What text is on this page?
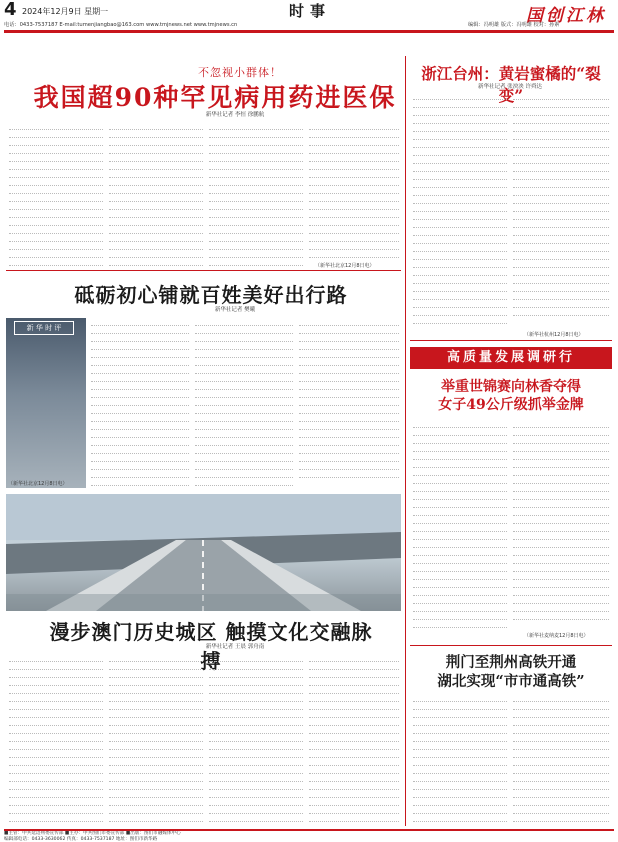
4 2024年12月9日 星期一	时事	国创江林
电话：0433-7537187 E-mail:tumenjiangbao@163.com www.tmjnews.net www.tmjnews.cn	编辑：冯明雄 版式：冯明雄 校对：孙素
不忽视小群体！
我国超90种罕见病用药进医保
新华社记者 李恒 徐鹏航
（新华社北京12月8日电）
砥砺初心铺就百姓美好出行路
新华社记者 樊曦
新 华 时 评
（新华社北京12月8日电）
漫步澳门历史城区 触摸文化交融脉搏
新华社记者 王晨 郭舟南
浙江台州：黄岩蜜橘的“裂变”
新华社记者 张泱泱 许舜达
（新华社杭州12月8日电）
高质量发展调研行
举重世锦赛向林香夺得
女子49公斤级抓举金牌
（新华社麦纳麦12月8日电）
荆门至荆州高铁开通
湖北实现“市市通高铁”
■主管：中共延边州委宣传部 ■主办：中共图们市委宣传部 ■出版：图们市融媒体中心
编辑部电话：0433-3630062 传真：0433-7537187 地址：图们市新华路
